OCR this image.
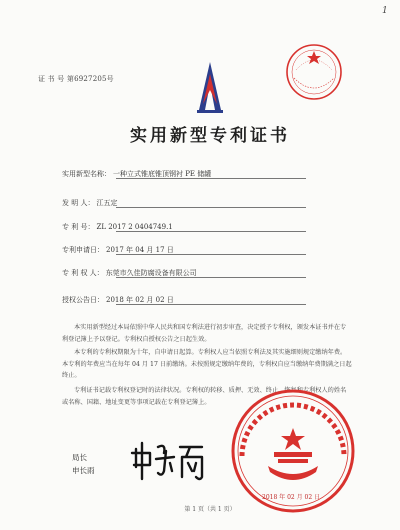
1
证 书 号 第6927205号
实用新型专利证书
实用新型名称： 一种立式锥底锥顶钢衬 PE 储罐
发 明 人： 江五定
专 利 号： ZL 2017 2 0404749.1
专利申请日： 2017 年 04 月 17 日
专 利 权 人： 东莞市久佳防腐设备有限公司
授权公告日： 2018 年 02 月 02 日
本实用新型经过本局依照中华人民共和国专利法进行初步审查，决定授予专利权，颁发本证书并在专利登记簿上予以登记。专利权自授权公告之日起生效。
本专利的专利权期限为十年，自申请日起算。专利权人应当依照专利法及其实施细则规定缴纳年费。本专利的年费应当在每年 04 月 17 日前缴纳。未按照规定缴纳年费的，专利权自应当缴纳年费期满之日起终止。
专利证书记载专利权登记时的法律状况。专利权的转移、质押、无效、终止、恢复和专利权人的姓名或名称、国籍、地址变更等事项记载在专利登记簿上。
局长
申长雨
2018 年 02 月 02 日
第 1 页（共 1 页）
